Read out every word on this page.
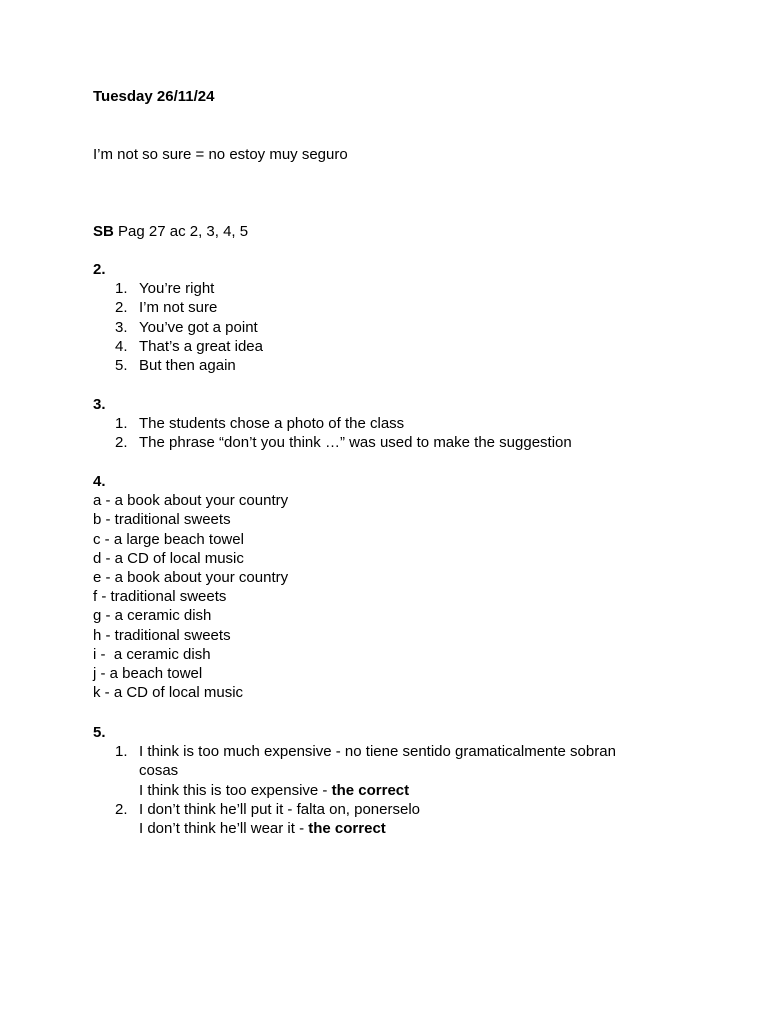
Tuesday 26/11/24
I’m not so sure = no estoy muy seguro
SB Pag 27 ac 2, 3, 4, 5
2.
1. You’re right
2. I’m not sure
3. You’ve got a point
4. That’s a great idea
5. But then again
3.
1. The students chose a photo of the class
2. The phrase “don’t you think …” was used to make the suggestion
4.
a - a book about your country
b - traditional sweets
c - a large beach towel
d - a CD of local music
e - a book about your country
f - traditional sweets
g - a ceramic dish
h - traditional sweets
i -  a ceramic dish
j - a beach towel
k - a CD of local music
5.
1. I think is too much expensive - no tiene sentido gramaticalmente sobran cosas
I think this is too expensive - the correct
2. I don’t think he’ll put it - falta on, ponerselo
I don’t think he’ll wear it - the correct
